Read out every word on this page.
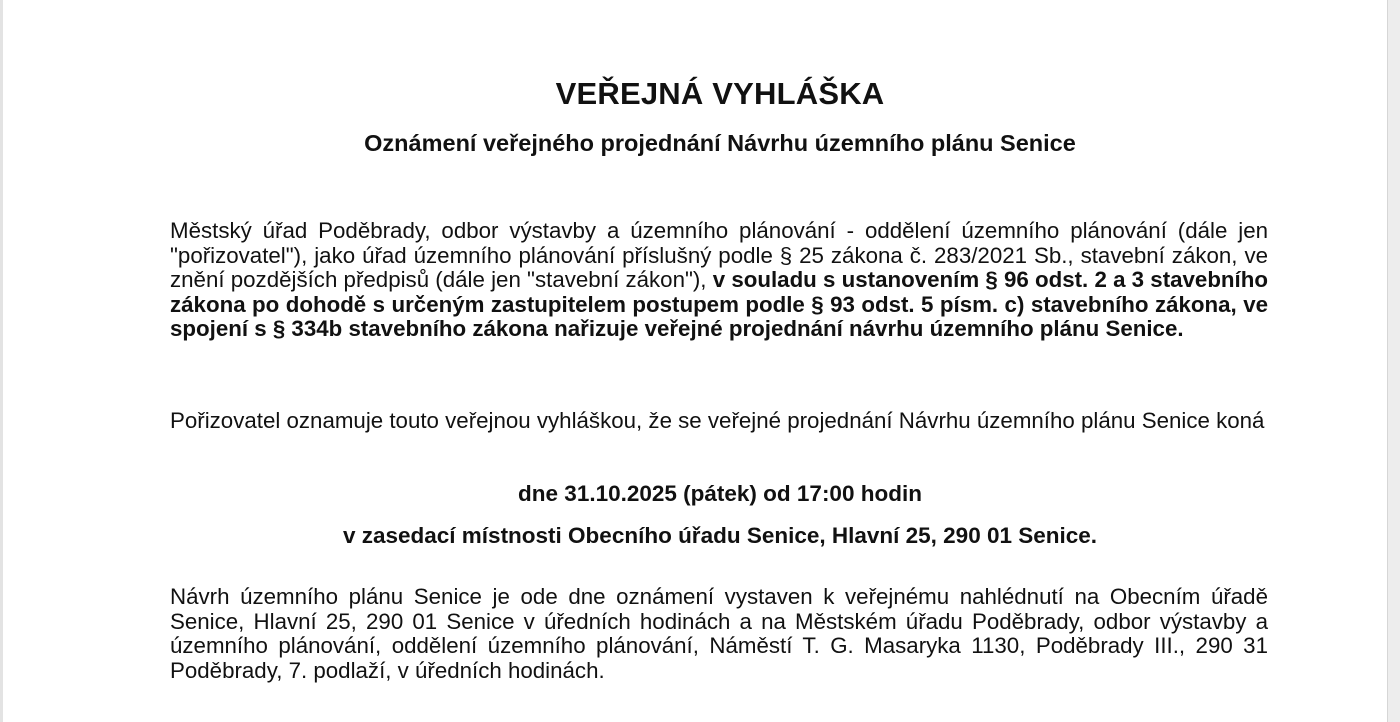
VEŘEJNÁ VYHLÁŠKA
Oznámení veřejného projednání Návrhu územního plánu Senice

Městský úřad Poděbrady, odbor výstavby a územního plánování - oddělení územního plánování (dále jen "pořizovatel"), jako úřad územního plánování příslušný podle § 25 zákona č. 283/2021 Sb., stavební zákon, ve znění pozdějších předpisů (dále jen "stavební zákon"), v souladu s ustanovením § 96 odst. 2 a 3 stavebního zákona po dohodě s určeným zastupitelem postupem podle § 93 odst. 5 písm. c) stavebního zákona, ve spojení s § 334b stavebního zákona nařizuje veřejné projednání návrhu územního plánu Senice.

Pořizovatel oznamuje touto veřejnou vyhláškou, že se veřejné projednání Návrhu územního plánu Senice koná

dne 31.10.2025 (pátek) od 17:00 hodin

v zasedací místnosti Obecního úřadu Senice, Hlavní 25, 290 01 Senice.

Návrh územního plánu Senice je ode dne oznámení vystaven k veřejnému nahlédnutí na Obecním úřadě Senice, Hlavní 25, 290 01 Senice v úředních hodinách a na Městském úřadu Poděbrady, odbor výstavby a územního plánování, oddělení územního plánování, Náměstí T. G. Masaryka 1130, Poděbrady III., 290 31 Poděbrady, 7. podlaží, v úředních hodinách.
